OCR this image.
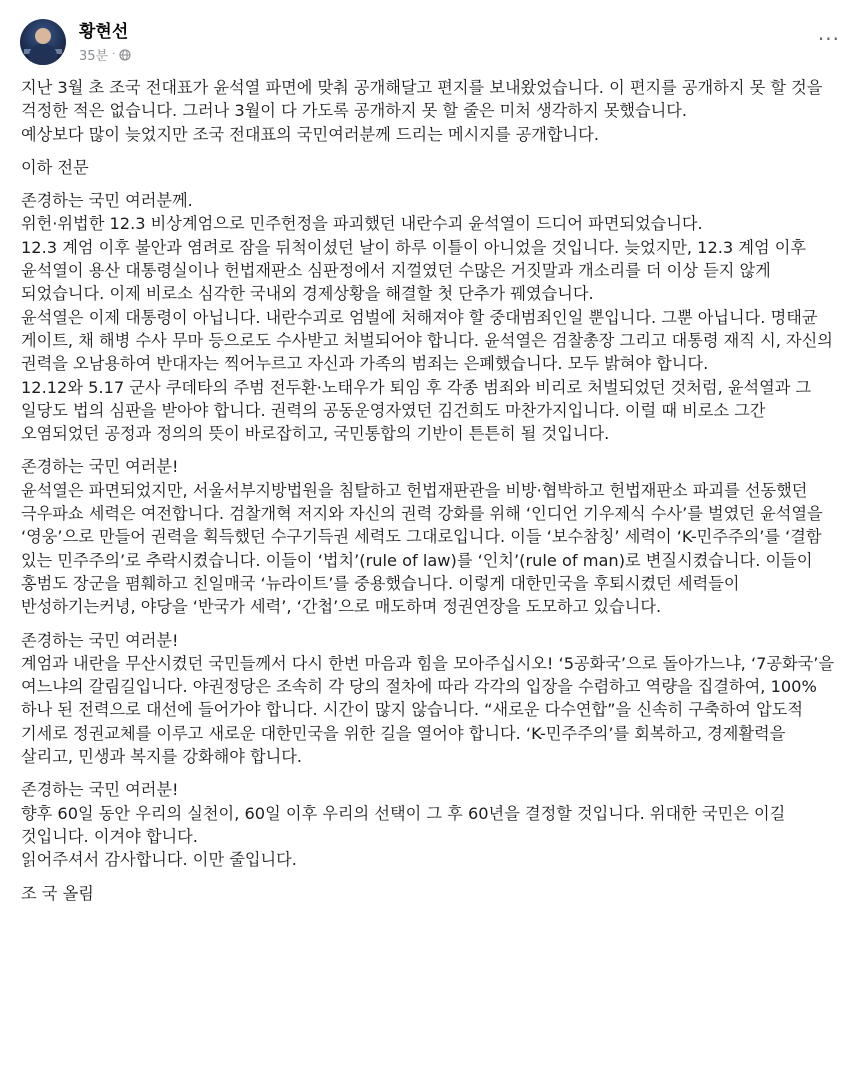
황현선
35분 ·
···

지난 3월 초 조국 전대표가 윤석열 파면에 맞춰 공개해달고 편지를 보내왔었습니다. 이 편지를 공개하지 못 할 것을 걱정한 적은 없습니다. 그러나 3월이 다 가도록 공개하지 못 할 줄은 미처 생각하지 못했습니다.

예상보다 많이 늦었지만 조국 전대표의 국민여러분께 드리는 메시지를 공개합니다.

이하 전문

존경하는 국민 여러분께.

위헌·위법한 12.3 비상계엄으로 민주헌정을 파괴했던 내란수괴 윤석열이 드디어 파면되었습니다.

12.3 계엄 이후 불안과 염려로 잠을 뒤척이셨던 날이 하루 이틀이 아니었을 것입니다. 늦었지만, 12.3 계엄 이후 윤석열이 용산 대통령실이나 헌법재판소 심판정에서 지껄였던 수많은 거짓말과 개소리를 더 이상 듣지 않게 되었습니다. 이제 비로소 심각한 국내외 경제상황을 해결할 첫 단추가 꿰였습니다.

윤석열은 이제 대통령이 아닙니다. 내란수괴로 엄벌에 처해져야 할 중대범죄인일 뿐입니다. 그뿐 아닙니다. 명태균 게이트, 채 해병 수사 무마 등으로도 수사받고 처벌되어야 합니다. 윤석열은 검찰총장 그리고 대통령 재직 시, 자신의 권력을 오남용하여 반대자는 찍어누르고 자신과 가족의 범죄는 은폐했습니다. 모두 밝혀야 합니다.

12.12와 5.17 군사 쿠데타의 주범 전두환·노태우가 퇴임 후 각종 범죄와 비리로 처벌되었던 것처럼, 윤석열과 그 일당도 법의 심판을 받아야 합니다. 권력의 공동운영자였던 김건희도 마찬가지입니다. 이럴 때 비로소 그간 오염되었던 공정과 정의의 뜻이 바로잡히고, 국민통합의 기반이 튼튼히 될 것입니다.

존경하는 국민 여러분!

윤석열은 파면되었지만, 서울서부지방법원을 침탈하고 헌법재판관을 비방·협박하고 헌법재판소 파괴를 선동했던 극우파쇼 세력은 여전합니다. 검찰개혁 저지와 자신의 권력 강화를 위해 ‘인디언 기우제식 수사’를 벌였던 윤석열을 ‘영웅’으로 만들어 권력을 획득했던 수구기득권 세력도 그대로입니다. 이들 ‘보수참칭’ 세력이 ‘K-민주주의’를 ‘결함 있는 민주주의’로 추락시켰습니다. 이들이 ‘법치’(rule of law)를 ‘인치’(rule of man)로 변질시켰습니다. 이들이 홍범도 장군을 폄훼하고 친일매국 ‘뉴라이트’를 중용했습니다. 이렇게 대한민국을 후퇴시켰던 세력들이 반성하기는커녕, 야당을 ‘반국가 세력’, ‘간첩’으로 매도하며 정권연장을 도모하고 있습니다.

존경하는 국민 여러분!

계엄과 내란을 무산시켰던 국민들께서 다시 한번 마음과 힘을 모아주십시오! ‘5공화국’으로 돌아가느냐, ‘7공화국’을 여느냐의 갈림길입니다. 야권정당은 조속히 각 당의 절차에 따라 각각의 입장을 수렴하고 역량을 집결하여, 100% 하나 된 전력으로 대선에 들어가야 합니다. 시간이 많지 않습니다. “새로운 다수연합”을 신속히 구축하여 압도적 기세로 정권교체를 이루고 새로운 대한민국을 위한 길을 열어야 합니다. ‘K-민주주의’를 회복하고, 경제활력을 살리고, 민생과 복지를 강화해야 합니다.

존경하는 국민 여러분!

향후 60일 동안 우리의 실천이, 60일 이후 우리의 선택이 그 후 60년을 결정할 것입니다. 위대한 국민은 이길 것입니다. 이겨야 합니다.

읽어주셔서 감사합니다. 이만 줄입니다.

조 국 올림
